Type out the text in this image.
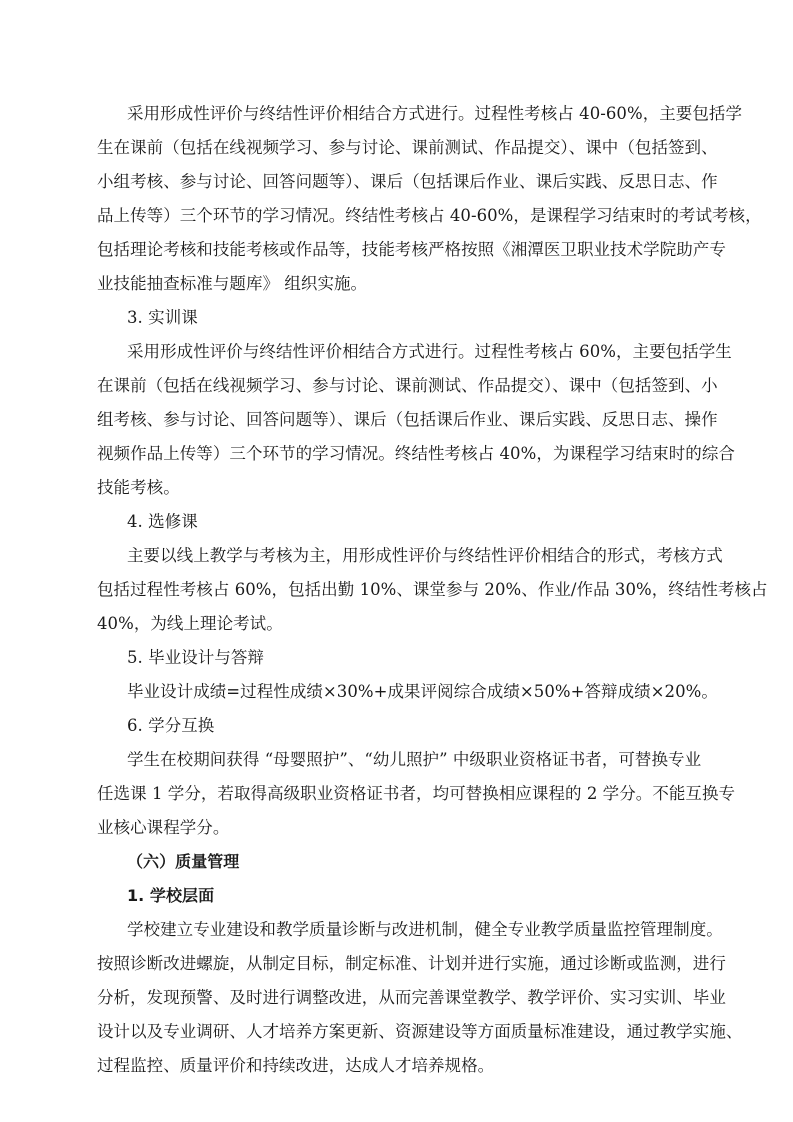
采用形成性评价与终结性评价相结合方式进行。过程性考核占 40-60%，主要包括学
生在课前（包括在线视频学习、参与讨论、课前测试、作品提交）、课中（包括签到、
小组考核、参与讨论、回答问题等）、课后（包括课后作业、课后实践、反思日志、作
品上传等）三个环节的学习情况。终结性考核占 40-60%，是课程学习结束时的考试考核，
包括理论考核和技能考核或作品等，技能考核严格按照《湘潭医卫职业技术学院助产专
业技能抽查标准与题库》 组织实施。
3. 实训课
采用形成性评价与终结性评价相结合方式进行。过程性考核占 60%，主要包括学生
在课前（包括在线视频学习、参与讨论、课前测试、作品提交）、课中（包括签到、小
组考核、参与讨论、回答问题等）、课后（包括课后作业、课后实践、反思日志、操作
视频作品上传等）三个环节的学习情况。终结性考核占 40%，为课程学习结束时的综合
技能考核。
4. 选修课
主要以线上教学与考核为主，用形成性评价与终结性评价相结合的形式，考核方式
包括过程性考核占 60%，包括出勤 10%、课堂参与 20%、作业/作品 30%，终结性考核占
40%，为线上理论考试。
5. 毕业设计与答辩
毕业设计成绩=过程性成绩×30%+成果评阅综合成绩×50%+答辩成绩×20%。
6. 学分互换
学生在校期间获得 “母婴照护”、“幼儿照护” 中级职业资格证书者，可替换专业
任选课 1 学分，若取得高级职业资格证书者，均可替换相应课程的 2 学分。不能互换专
业核心课程学分。
（六）质量管理
1. 学校层面
学校建立专业建设和教学质量诊断与改进机制，健全专业教学质量监控管理制度。
按照诊断改进螺旋，从制定目标，制定标准、计划并进行实施，通过诊断或监测，进行
分析，发现预警、及时进行调整改进，从而完善课堂教学、教学评价、实习实训、毕业
设计以及专业调研、人才培养方案更新、资源建设等方面质量标准建设，通过教学实施、
过程监控、质量评价和持续改进，达成人才培养规格。
